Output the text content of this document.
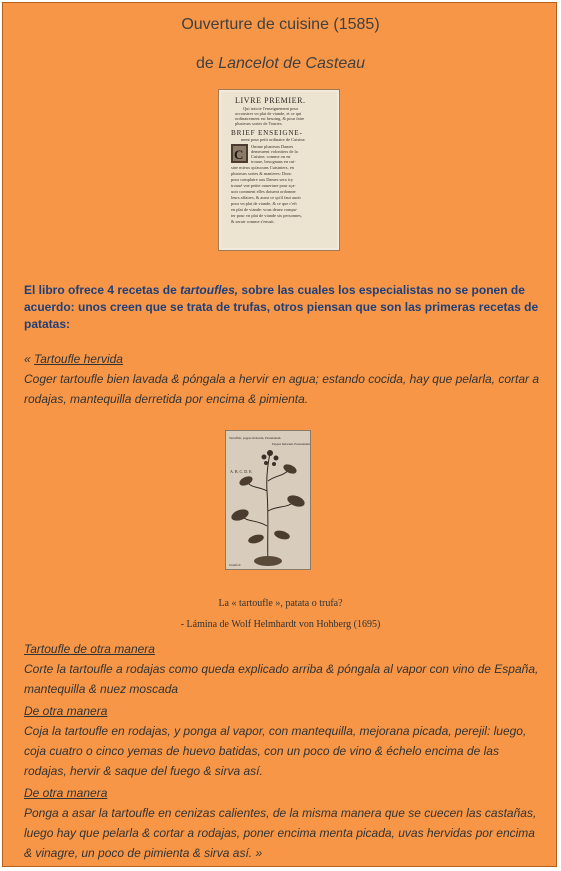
Ouverture de cuisine (1585)
de Lancelot de Casteau
LIVRE PREMIER.
Qui traicte l'enseignement pour
accoustrer vn plat de viande, et ce qui
ordinairement est besoing, & pour faire
plusieurs sortes de Tourtes.
BRIEF ENSEIGNE-
ment pour petit ordinaire de Cuisine.
C
Omme plusieurs Dames
demeurent volontiers de la
Cuisine, comme on en
trouue, besognans en cui-
sine mieux qu'aucuns Cuisiniers, en
plusieurs sortes & manieres: Donc
pour complaire aux Dames sera icy
trouué vne petite ouuerture pour sça-
uoir comment elles doiuent ordonner
leurs affaires, & aussi ce qu'il faut auoir
pour vn plat de viande, & ce que c'eft
en plat de viande: vous deuez compu-
ter pour vn plat de viande six personnes,
& seruir comme s'ensuit.
El libro ofrece 4 recetas de tartoufles, sobre las cuales los especialistas no se ponen de acuerdo: unos creen que se trata de trufas, otros piensan que son las primeras recetas de patatas:
« Tartoufle hervida
Coger tartoufle bien lavada & póngala a hervir en agua; estando cocida, hay que pelarla, cortar a rodajas, mantequilla derretida por encima & pimienta.
Tartuffoli, pappas Indorum, Peruuianum.
Pappas Indorum, Peruuianum.
A. B. C. D. E.
Tartuffoli
La « tartoufle », patata o trufa?
- Lámina de Wolf Helmhardt von Hohberg (1695)
Tartoufle de otra manera
Corte la tartoufle a rodajas como queda explicado arriba & póngala al vapor con vino de España, mantequilla & nuez moscada
De otra manera
Coja la tartoufle en rodajas, y ponga al vapor, con mantequilla, mejorana picada, perejil: luego, coja cuatro o cinco yemas de huevo batidas, con un poco de vino & échelo encima de las rodajas, hervir & saque del fuego & sirva así.
De otra manera
Ponga a asar la tartoufle en cenizas calientes, de la misma manera que se cuecen las castañas, luego hay que pelarla & cortar a rodajas, poner encima menta picada, uvas hervidas por encima & vinagre, un poco de pimienta & sirva así. »
